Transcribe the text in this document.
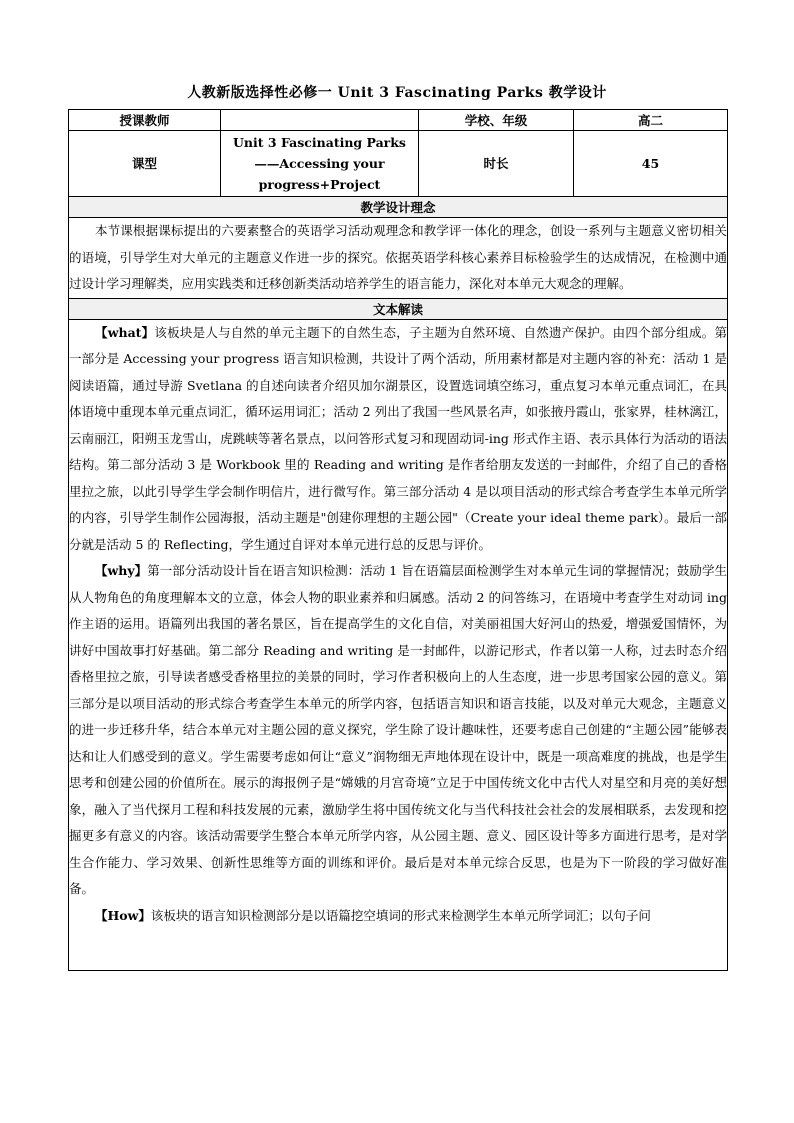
人教新版选择性必修一 Unit 3 Fascinating Parks 教学设计
授课教师		学校、年级	高二
课型	Unit 3 Fascinating Parks
——Accessing your
progress+Project	时长	45
教学设计理念			

本节课根据课标提出的六要素整合的英语学习活动观理念和教学评一体化的理念，创设一系列与主题意义密切相关的语境，引导学生对大单元的主题意义作进一步的探究。依据英语学科核心素养目标检验学生的达成情况，在检测中通过设计学习理解类，应用实践类和迁移创新类活动培养学生的语言能力，深化对本单元大观念的理解。			

文本解读			

【what】该板块是人与自然的单元主题下的自然生态，子主题为自然环境、自然遗产保护。由四个部分组成。第一部分是 Accessing your progress 语言知识检测，共设计了两个活动，所用素材都是对主题内容的补充：活动 1 是阅读语篇，通过导游 Svetlana 的自述向读者介绍贝加尔湖景区，设置选词填空练习，重点复习本单元重点词汇，在具体语境中重现本单元重点词汇，循环运用词汇；活动 2 列出了我国一些风景名声，如张掖丹霞山，张家界，桂林漓江，云南丽江，阳朔玉龙雪山，虎跳峡等著名景点，以问答形式复习和现固动词-ing 形式作主语、表示具体行为活动的语法结构。第二部分活动 3 是 Workbook 里的 Reading and writing 是作者给朋友发送的一封邮件，介绍了自己的香格里拉之旅，以此引导学生学会制作明信片，进行微写作。第三部分活动 4 是以项目活动的形式综合考查学生本单元所学的内容，引导学生制作公园海报，活动主题是"创建你理想的主题公园"（Create your ideal theme park）。最后一部分就是活动 5 的 Reflecting，学生通过自评对本单元进行总的反思与评价。

【why】第一部分活动设计旨在语言知识检测：活动 1 旨在语篇层面检测学生对本单元生词的掌握情况；鼓励学生从人物角色的角度理解本文的立意，体会人物的职业素养和归属感。活动 2 的问答练习，在语境中考查学生对动词 ing 作主语的运用。语篇列出我国的著名景区，旨在提高学生的文化自信，对美丽祖国大好河山的热爱，增强爱国情怀，为讲好中国故事打好基础。第二部分 Reading and writing 是一封邮件，以游记形式，作者以第一人称，过去时态介绍香格里拉之旅，引导读者感受香格里拉的美景的同时，学习作者积极向上的人生态度，进一步思考国家公园的意义。第三部分是以项目活动的形式综合考查学生本单元的所学内容，包括语言知识和语言技能，以及对单元大观念，主题意义的进一步迁移升华，结合本单元对主题公园的意义探究，学生除了设计趣味性，还要考虑自己创建的“主题公园”能够表达和让人们感受到的意义。学生需要考虑如何让“意义”润物细无声地体现在设计中，既是一项高难度的挑战，也是学生思考和创建公园的价值所在。展示的海报例子是“嫦娥的月宫奇境”立足于中国传统文化中古代人对星空和月亮的美好想象，融入了当代探月工程和科技发展的元素，激励学生将中国传统文化与当代科技社会社会的发展相联系，去发现和挖掘更多有意义的内容。该活动需要学生整合本单元所学内容，从公园主题、意义、园区设计等多方面进行思考，是对学生合作能力、学习效果、创新性思维等方面的训练和评价。最后是对本单元综合反思，也是为下一阶段的学习做好准备。

【How】该板块的语言知识检测部分是以语篇挖空填词的形式来检测学生本单元所学词汇；以句子问			
